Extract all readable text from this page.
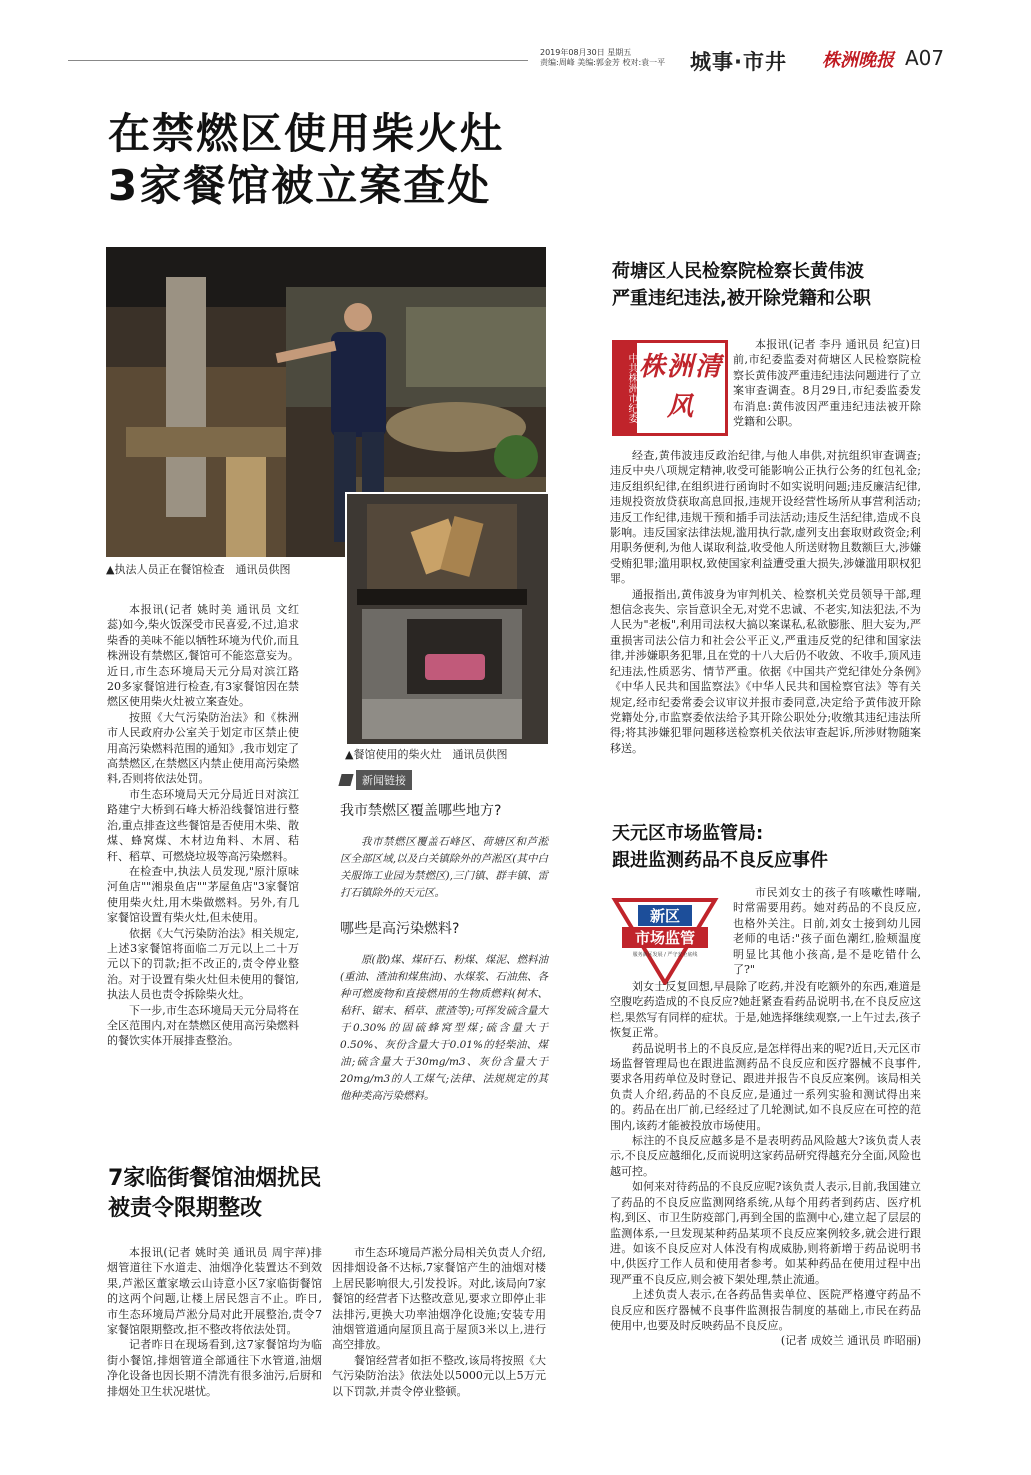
2019年08月30日 星期五
责编:周峰 美编:郭金芳 校对:袁一平	城事·市井 株洲晚报 A07
在禁燃区使用柴火灶
3家餐馆被立案查处
▲执法人员正在餐馆检查　通讯员供图
▲餐馆使用的柴火灶　通讯员供图

本报讯(记者 姚时美 通讯员 文红蕊)如今,柴火饭深受市民喜爱,不过,追求柴香的美味不能以牺牲环境为代价,而且株洲设有禁燃区,餐馆可不能恣意妄为。近日,市生态环境局天元分局对滨江路20多家餐馆进行检查,有3家餐馆因在禁燃区使用柴火灶被立案查处。

按照《大气污染防治法》和《株洲市人民政府办公室关于划定市区禁止使用高污染燃料范围的通知》,我市划定了高禁燃区,在禁燃区内禁止使用高污染燃料,否则将依法处罚。

市生态环境局天元分局近日对滨江路建宁大桥到石峰大桥沿线餐馆进行整治,重点排查这些餐馆是否使用木柴、散煤、蜂窝煤、木材边角料、木屑、秸秆、稻草、可燃烧垃圾等高污染燃料。

在检查中,执法人员发现,"原汁原味河鱼店""湘泉鱼店""茅屋鱼店"3家餐馆使用柴火灶,用木柴做燃料。另外,有几家餐馆设置有柴火灶,但未使用。

依据《大气污染防治法》相关规定,上述3家餐馆将面临二万元以上二十万元以下的罚款;拒不改正的,责令停业整治。对于设置有柴火灶但未使用的餐馆,执法人员也责令拆除柴火灶。

下一步,市生态环境局天元分局将在全区范围内,对在禁燃区使用高污染燃料的餐饮实体开展排查整治。

新闻链接
我市禁燃区覆盖哪些地方?

我市禁燃区覆盖石峰区、荷塘区和芦淞区全部区域,以及白关镇除外的芦淞区(其中白关服饰工业园为禁燃区),三门镇、群丰镇、雷打石镇除外的天元区。

哪些是高污染燃料?

原(散)煤、煤矸石、粉煤、煤泥、燃料油(重油、渣油和煤焦油)、水煤浆、石油焦、各种可燃废物和直接燃用的生物质燃料(树木、秸秆、锯末、稻草、蔗渣等);可挥发硫含量大于0.30%的固硫蜂窝型煤;硫含量大于0.50%、灰份含量大于0.01%的轻柴油、煤油;硫含量大于30mg/m3、灰份含量大于20mg/m3的人工煤气;法律、法规规定的其他种类高污染燃料。

7家临街餐馆油烟扰民
被责令限期整改

本报讯(记者 姚时美 通讯员 周宇萍)排烟管道往下水道走、油烟净化装置达不到效果,芦淞区董家墩云山诗意小区7家临街餐馆的这两个问题,让楼上居民怨言不止。昨日,市生态环境局芦淞分局对此开展整治,责令7家餐馆限期整改,拒不整改将依法处罚。

记者昨日在现场看到,这7家餐馆均为临街小餐馆,排烟管道全部通往下水管道,油烟净化设备也因长期不清洗有很多油污,后厨和排烟处卫生状况堪忧。

市生态环境局芦淞分局相关负责人介绍,因排烟设备不达标,7家餐馆产生的油烟对楼上居民影响很大,引发投诉。对此,该局向7家餐馆的经营者下达整改意见,要求立即停止非法排污,更换大功率油烟净化设施;安装专用油烟管道通向屋顶且高于屋顶3米以上,进行高空排放。

餐馆经营者如拒不整改,该局将按照《大气污染防治法》依法处以5000元以上5万元以下罚款,并责令停业整顿。

荷塘区人民检察院检察长黄伟波
严重违纪违法,被开除党籍和公职
中共株洲市纪委 株洲清风

本报讯(记者 李丹 通讯员 纪宣)日前,市纪委监委对荷塘区人民检察院检察长黄伟波严重违纪违法问题进行了立案审查调查。8月29日,市纪委监委发布消息:黄伟波因严重违纪违法被开除党籍和公职。

经查,黄伟波违反政治纪律,与他人串供,对抗组织审查调查;违反中央八项规定精神,收受可能影响公正执行公务的红包礼金;违反组织纪律,在组织进行函询时不如实说明问题;违反廉洁纪律,违规投资放贷获取高息回报,违规开设经营性场所从事营利活动;违反工作纪律,违规干预和插手司法活动;违反生活纪律,造成不良影响。违反国家法律法规,滥用执行款,虚列支出套取财政资金;利用职务便利,为他人谋取利益,收受他人所送财物且数额巨大,涉嫌受贿犯罪;滥用职权,致使国家利益遭受重大损失,涉嫌滥用职权犯罪。

通报指出,黄伟波身为审判机关、检察机关党员领导干部,理想信念丧失、宗旨意识全无,对党不忠诚、不老实,知法犯法,不为人民为"老板",利用司法权大搞以案谋私,私欲膨胀、胆大妄为,严重损害司法公信力和社会公平正义,严重违反党的纪律和国家法律,并涉嫌职务犯罪,且在党的十八大后仍不收敛、不收手,顶风违纪违法,性质恶劣、情节严重。依据《中国共产党纪律处分条例》《中华人民共和国监察法》《中华人民共和国检察官法》等有关规定,经市纪委常委会议审议并报市委同意,决定给予黄伟波开除党籍处分,市监察委依法给予其开除公职处分;收缴其违纪违法所得;将其涉嫌犯罪问题移送检察机关依法审查起诉,所涉财物随案移送。

天元区市场监管局:
跟进监测药品不良反应事件
新区
市场监管
服务新区发展 / 严守安全底线

市民刘女士的孩子有咳嗽性哮喘,时常需要用药。她对药品的不良反应,也格外关注。日前,刘女士接到幼儿园老师的电话:"孩子面色潮红,脸颊温度明显比其他小孩高,是不是吃错什么了?"

刘女士反复回想,早晨除了吃药,并没有吃额外的东西,难道是空腹吃药造成的不良反应?她赶紧查看药品说明书,在不良反应这栏,果然写有同样的症状。于是,她选择继续观察,一上午过去,孩子恢复正常。

药品说明书上的不良反应,是怎样得出来的呢?近日,天元区市场监督管理局也在跟进监测药品不良反应和医疗器械不良事件,要求各用药单位及时登记、跟进并报告不良反应案例。该局相关负责人介绍,药品的不良反应,是通过一系列实验和测试得出来的。药品在出厂前,已经经过了几轮测试,如不良反应在可控的范围内,该药才能被投放市场使用。

标注的不良反应越多是不是表明药品风险越大?该负责人表示,不良反应越细化,反而说明这家药品研究得越充分全面,风险也越可控。

如何来对待药品的不良反应呢?该负责人表示,目前,我国建立了药品的不良反应监测网络系统,从每个用药者到药店、医疗机构,到区、市卫生防疫部门,再到全国的监测中心,建立起了层层的监测体系,一旦发现某种药品某项不良反应案例较多,就会进行跟进。如该不良反应对人体没有构成威胁,则将新增于药品说明书中,供医疗工作人员和使用者参考。如某种药品在使用过程中出现严重不良反应,则会被下架处理,禁止流通。

上述负责人表示,在各药品售卖单位、医院严格遵守药品不良反应和医疗器械不良事件监测报告制度的基础上,市民在药品使用中,也要及时反映药品不良反应。

(记者 成姣兰 通讯员 昨昭丽)
